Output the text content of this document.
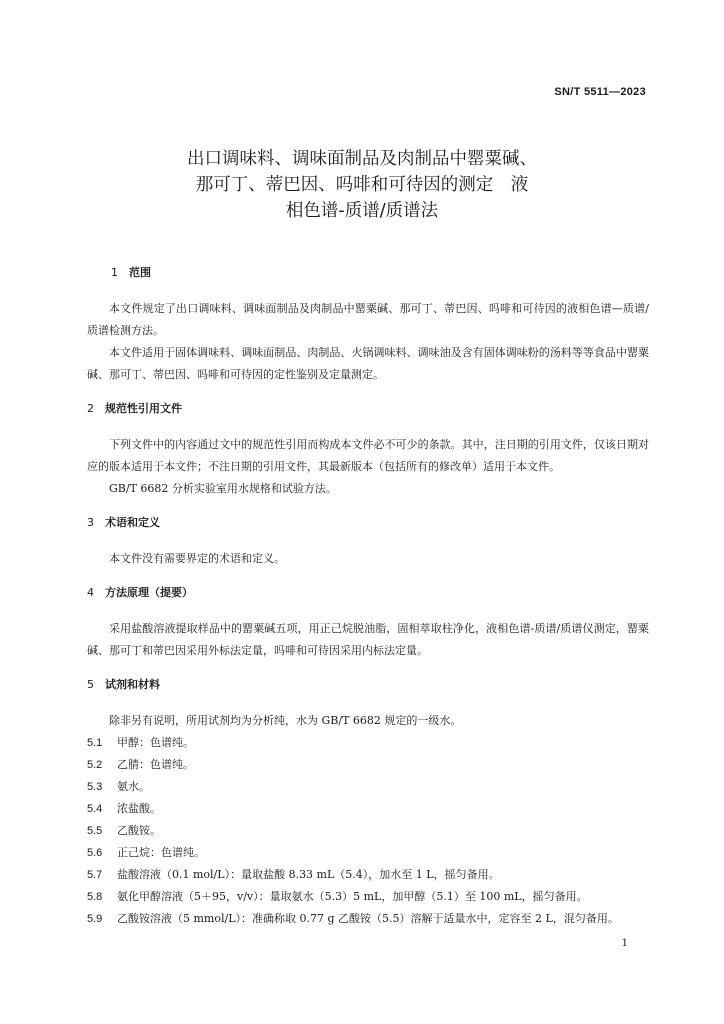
SN/T 5511—2023
出口调味料、调味面制品及肉制品中罂粟碱、
那可丁、蒂巴因、吗啡和可待因的测定　液
相色谱-质谱/质谱法
1 范围
本文件规定了出口调味料、调味面制品及肉制品中罂粟碱、那可丁、蒂巴因、吗啡和可待因的液相色谱—质谱/质谱检测方法。
本文件适用于固体调味料、调味面制品、肉制品、火锅调味料、调味油及含有固体调味粉的汤料等等食品中罂粟碱、那可丁、蒂巴因、吗啡和可待因的定性鉴别及定量测定。
2 规范性引用文件
下列文件中的内容通过文中的规范性引用而构成本文件必不可少的条款。其中，注日期的引用文件，仅该日期对应的版本适用于本文件；不注日期的引用文件，其最新版本（包括所有的修改单）适用于本文件。
GB/T 6682 分析实验室用水规格和试验方法。
3 术语和定义
本文件没有需要界定的术语和定义。
4 方法原理（提要）
采用盐酸溶液提取样品中的罂粟碱五项，用正己烷脱油脂，固相萃取柱净化，液相色谱-质谱/质谱仪测定，罂粟碱、那可丁和蒂巴因采用外标法定量，吗啡和可待因采用内标法定量。
5 试剂和材料
除非另有说明，所用试剂均为分析纯，水为 GB/T 6682 规定的一级水。
5.1 甲醇：色谱纯。
5.2 乙腈：色谱纯。
5.3 氨水。
5.4 浓盐酸。
5.5 乙酸铵。
5.6 正己烷：色谱纯。
5.7 盐酸溶液（0.1 mol/L）：量取盐酸 8.33 mL（5.4），加水至 1 L，摇匀备用。
5.8 氨化甲醇溶液（5＋95，v/v）：量取氨水（5.3）5 mL，加甲醇（5.1）至 100 mL，摇匀备用。
5.9 乙酸铵溶液（5 mmol/L）：准确称取 0.77 g 乙酸铵（5.5）溶解于适量水中，定容至 2 L，混匀备用。
1
